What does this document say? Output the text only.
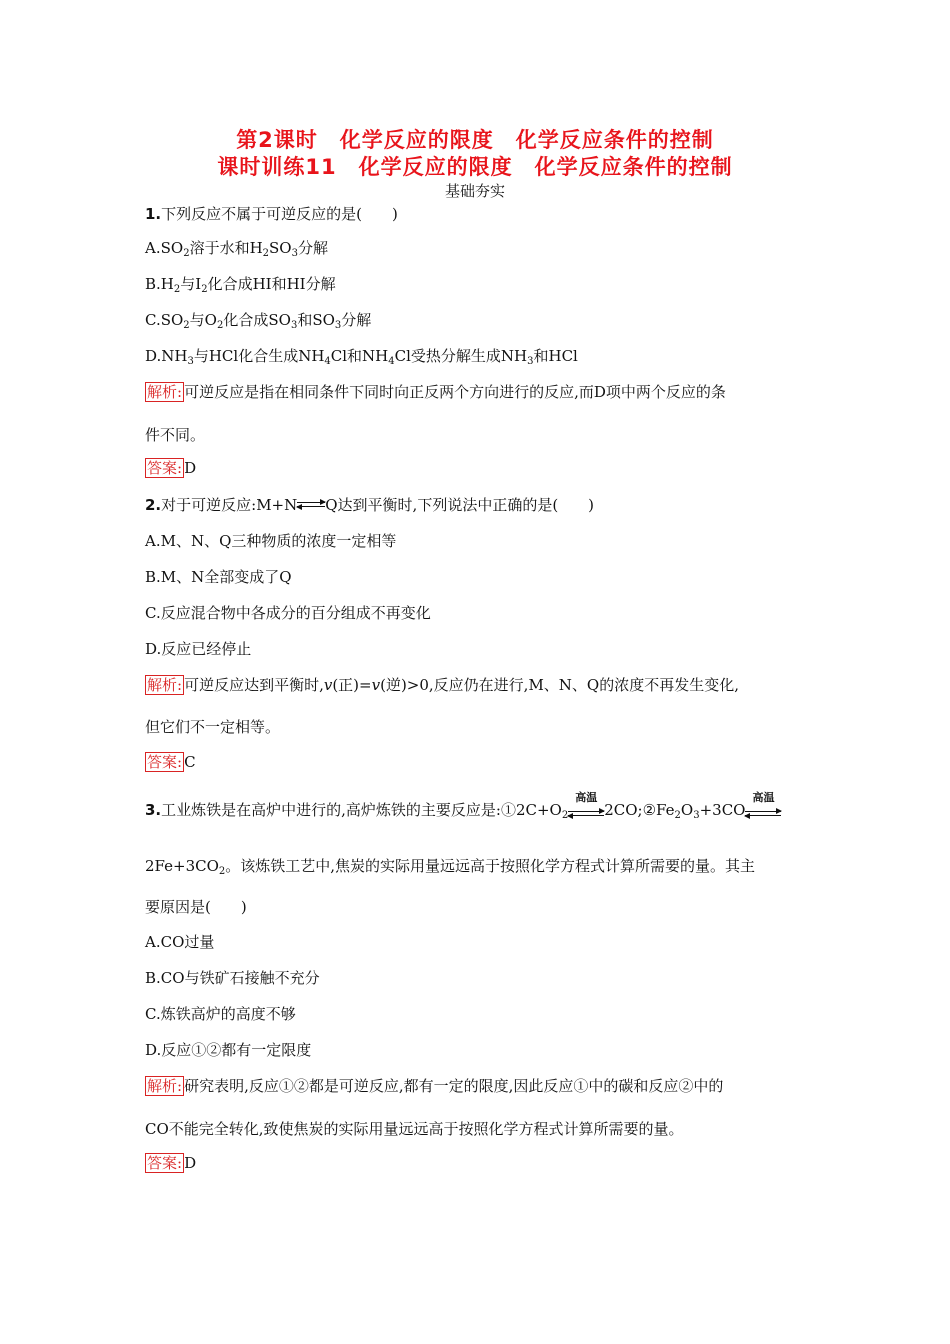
第2课时　化学反应的限度　化学反应条件的控制
课时训练11　化学反应的限度　化学反应条件的控制
基础夯实
1.下列反应不属于可逆反应的是(　　)
$A.SO_2$溶于水和$H_2SO_3$分解
$B.H_2$与$I_2$化合成HI和HI分解
$C.SO_2$与$O_2$化合成$SO_3$和$SO_3$分解
$D.NH_3$与HCl化合生成$NH_4Cl$和$NH_4Cl$受热分解生成$NH_3$和HCl
解析: 可逆反应是指在相同条件下同时向正反两个方向进行的反应,而D项中两个反应的条
件不同。
答案: D
2.对于可逆反应:M+N Q达到平衡时,下列说法中正确的是(　　)
A.M、N、Q三种物质的浓度一定相等
B.M、N全部变成了Q
C.反应混合物中各成分的百分组成不再变化
D.反应已经停止
解析: 可逆反应达到平衡时,v(正)=v(逆)>0,反应仍在进行,M、N、Q的浓度不再发生变化,
但它们不一定相等。
答案: C
3.工业炼铁是在高炉中进行的,高炉炼铁的主要反应是$:①2C+O_2$
高温
$2CO;②Fe_2O_3+3CO$
高温
$2Fe+3CO_2$。该炼铁工艺中,焦炭的实际用量远远高于按照化学方程式计算所需要的量。其主
要原因是(　　)
A.CO过量
B.CO与铁矿石接触不充分
C.炼铁高炉的高度不够
D.反应①②都有一定限度
解析: 研究表明,反应①②都是可逆反应,都有一定的限度,因此反应①中的碳和反应②中的
CO不能完全转化,致使焦炭的实际用量远远高于按照化学方程式计算所需要的量。
答案: D
